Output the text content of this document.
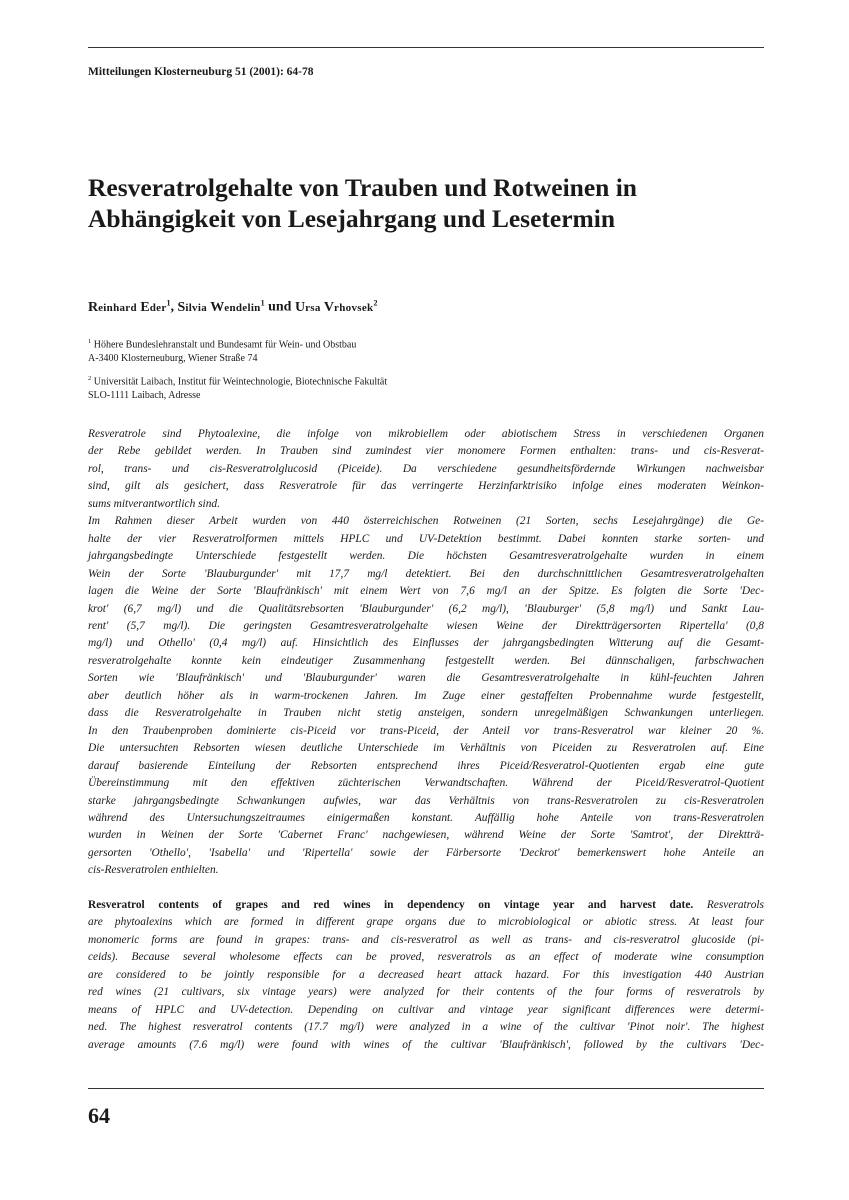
Mitteilungen Klosterneuburg 51 (2001): 64-78
Resveratrolgehalte von Trauben und Rotweinen in
Abhängigkeit von Lesejahrgang und Lesetermin
Reinhard Eder$^1$, Silvia Wendelin$^1$ und Ursa Vrhovsek$^2$
$^1$ Höhere Bundeslehranstalt und Bundesamt für Wein- und Obstbau
A-3400 Klosterneuburg, Wiener Straße 74
$^2$ Universität Laibach, Institut für Weintechnologie, Biotechnische Fakultät
SLO-1111 Laibach, Adresse
Resveratrole sind Phytoalexine, die infolge von mikrobiellem oder abiotischem Stress in verschiedenen Organen
der Rebe gebildet werden. In Trauben sind zumindest vier monomere Formen enthalten: trans- und cis-Resverat-
rol, trans- und cis-Resveratrolglucosid (Piceide). Da verschiedene gesundheitsfördernde Wirkungen nachweisbar
sind, gilt als gesichert, dass Resveratrole für das verringerte Herzinfarktrisiko infolge eines moderaten Weinkon-
sums mitverantwortlich sind.
Im Rahmen dieser Arbeit wurden von 440 österreichischen Rotweinen (21 Sorten, sechs Lesejahrgänge) die Ge-
halte der vier Resveratrolformen mittels HPLC und UV-Detektion bestimmt. Dabei konnten starke sorten- und
jahrgangsbedingte Unterschiede festgestellt werden. Die höchsten Gesamtresveratrolgehalte wurden in einem
Wein der Sorte 'Blauburgunder' mit 17,7 mg/l detektiert. Bei den durchschnittlichen Gesamtresveratrolgehalten
lagen die Weine der Sorte 'Blaufränkisch' mit einem Wert von 7,6 mg/l an der Spitze. Es folgten die Sorte 'Dec-
krot' (6,7 mg/l) und die Qualitätsrebsorten 'Blauburgunder' (6,2 mg/l), 'Blauburger' (5,8 mg/l) und Sankt Lau-
rent' (5,7 mg/l). Die geringsten Gesamtresveratrolgehalte wiesen Weine der Direktträgersorten Ripertella' (0,8
mg/l) und Othello' (0,4 mg/l) auf. Hinsichtlich des Einflusses der jahrgangsbedingten Witterung auf die Gesamt-
resveratrolgehalte konnte kein eindeutiger Zusammenhang festgestellt werden. Bei dünnschaligen, farbschwachen
Sorten wie 'Blaufränkisch' und 'Blauburgunder' waren die Gesamtresveratrolgehalte in kühl-feuchten Jahren
aber deutlich höher als in warm-trockenen Jahren. Im Zuge einer gestaffelten Probennahme wurde festgestellt,
dass die Resveratrolgehalte in Trauben nicht stetig ansteigen, sondern unregelmäßigen Schwankungen unterliegen.
In den Traubenproben dominierte cis-Piceid vor trans-Piceid, der Anteil vor trans-Resveratrol war kleiner 20 %.
Die untersuchten Rebsorten wiesen deutliche Unterschiede im Verhältnis von Piceiden zu Resveratrolen auf. Eine
darauf basierende Einteilung der Rebsorten entsprechend ihres Piceid/Resveratrol-Quotienten ergab eine gute
Übereinstimmung mit den effektiven züchterischen Verwandtschaften. Während der Piceid/Resveratrol-Quotient
starke jahrgangsbedingte Schwankungen aufwies, war das Verhältnis von trans-Resveratrolen zu cis-Resveratrolen
während des Untersuchungszeitraumes einigermaßen konstant. Auffällig hohe Anteile von trans-Resveratrolen
wurden in Weinen der Sorte 'Cabernet Franc' nachgewiesen, während Weine der Sorte 'Samtrot', der Direktträ-
gersorten 'Othello', 'Isabella' und 'Ripertella' sowie der Färbersorte 'Deckrot' bemerkenswert hohe Anteile an
cis-Resveratrolen enthielten.
Resveratrol contents of grapes and red wines in dependency on vintage year and harvest date. Resveratrols
are phytoalexins which are formed in different grape organs due to microbiological or abiotic stress. At least four
monomeric forms are found in grapes: trans- and cis-resveratrol as well as trans- and cis-resveratrol glucoside (pi-
ceids). Because several wholesome effects can be proved, resveratrols as an effect of moderate wine consumption
are considered to be jointly responsible for a decreased heart attack hazard. For this investigation 440 Austrian
red wines (21 cultivars, six vintage years) were analyzed for their contents of the four forms of resveratrols by
means of HPLC and UV-detection. Depending on cultivar and vintage year significant differences were determi-
ned. The highest resveratrol contents (17.7 mg/l) were analyzed in a wine of the cultivar 'Pinot noir'. The highest
average amounts (7.6 mg/l) were found with wines of the cultivar 'Blaufränkisch', followed by the cultivars 'Dec-
64
